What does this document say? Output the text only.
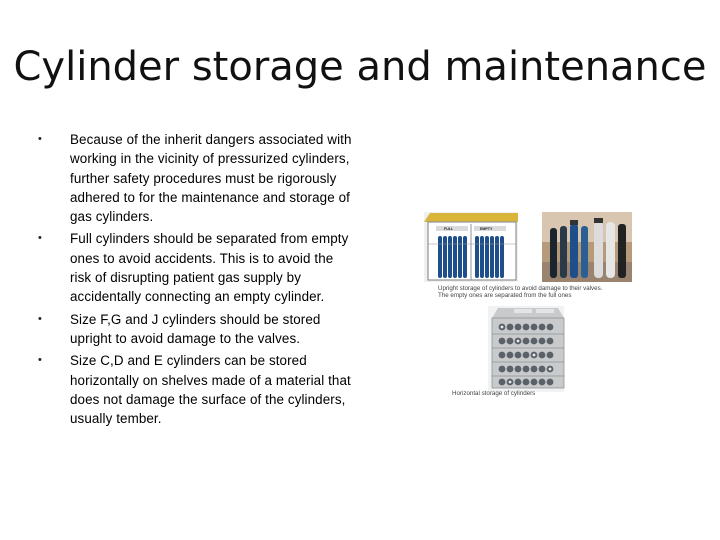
Cylinder storage and maintenance
• Because of the inherit dangers associated with working in the vicinity of pressurized cylinders, further safety procedures must be rigorously adhered to for the maintenance and storage of gas cylinders.
• Full cylinders should be separated from empty ones to avoid accidents. This is to avoid the risk of disrupting patient gas supply by accidentally connecting an empty cylinder.
• Size F,G and J cylinders should be stored upright to avoid damage to the valves.
• Size C,D and E cylinders can be stored horizontally on shelves made of a material that does not damage the surface of the cylinders, usually tember.
FULL	EMPTY
Upright storage of cylinders to avoid damage to their valves.
The empty ones are separated from the full ones
Horizontal storage of cylinders
